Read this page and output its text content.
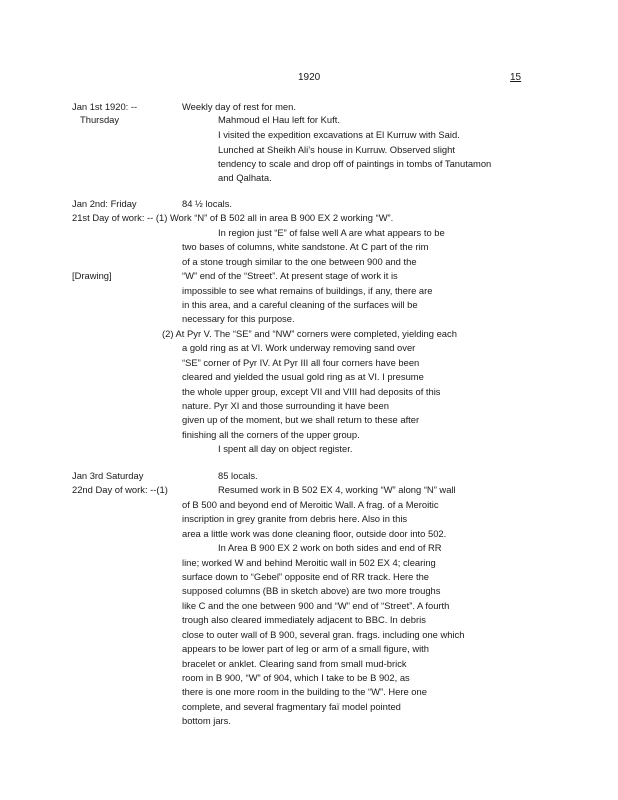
1920	15
Jan 1st 1920: --	Weekly day of rest for men.
Thursday	Mahmoud el Hau left for Kuft.
I visited the expedition excavations at El Kurruw with Said.
Lunched at Sheikh Ali’s house in Kurruw. Observed slight
tendency to scale and drop off of paintings in tombs of Tanutamon
and Qalhata.
Jan 2nd: Friday	84 ½ locals.
21st Day of work: -- (1) Work “N” of B 502 all in area B 900 EX 2 working “W”.
In region just “E” of false well A are what appears to be
two bases of columns, white sandstone. At C part of the rim
of a stone trough similar to the one between 900 and the
[Drawing]	“W” end of the “Street”. At present stage of work it is
impossible to see what remains of buildings, if any, there are
in this area, and a careful cleaning of the surfaces will be
necessary for this purpose.
(2) At Pyr V. The “SE” and “NW” corners were completed, yielding each
a gold ring as at VI. Work underway removing sand over
“SE” corner of Pyr IV. At Pyr III all four corners have been
cleared and yielded the usual gold ring as at VI. I presume
the whole upper group, except VII and VIII had deposits of this
nature. Pyr XI and those surrounding it have been
given up of the moment, but we shall return to these after
finishing all the corners of the upper group.
I spent all day on object register.
Jan 3rd Saturday	85 locals.
22nd Day of work: --(1)	Resumed work in B 502 EX 4, working “W” along “N” wall
of B 500 and beyond end of Meroitic Wall. A frag. of a Meroitic
inscription in grey granite from debris here. Also in this
area a little work was done cleaning floor, outside door into 502.
In Area B 900 EX 2 work on both sides and end of RR
line; worked W and behind Meroitic wall in 502 EX 4; clearing
surface down to “Gebel” opposite end of RR track. Here the
supposed columns (BB in sketch above) are two more troughs
like C and the one between 900 and “W” end of “Street”. A fourth
trough also cleared immediately adjacent to BBC. In debris
close to outer wall of B 900, several gran. frags. including one which
appears to be lower part of leg or arm of a small figure, with
bracelet or anklet. Clearing sand from small mud-brick
room in B 900, “W” of 904, which I take to be B 902, as
there is one more room in the building to the “W”. Here one
complete, and several fragmentary faï model pointed
bottom jars.
